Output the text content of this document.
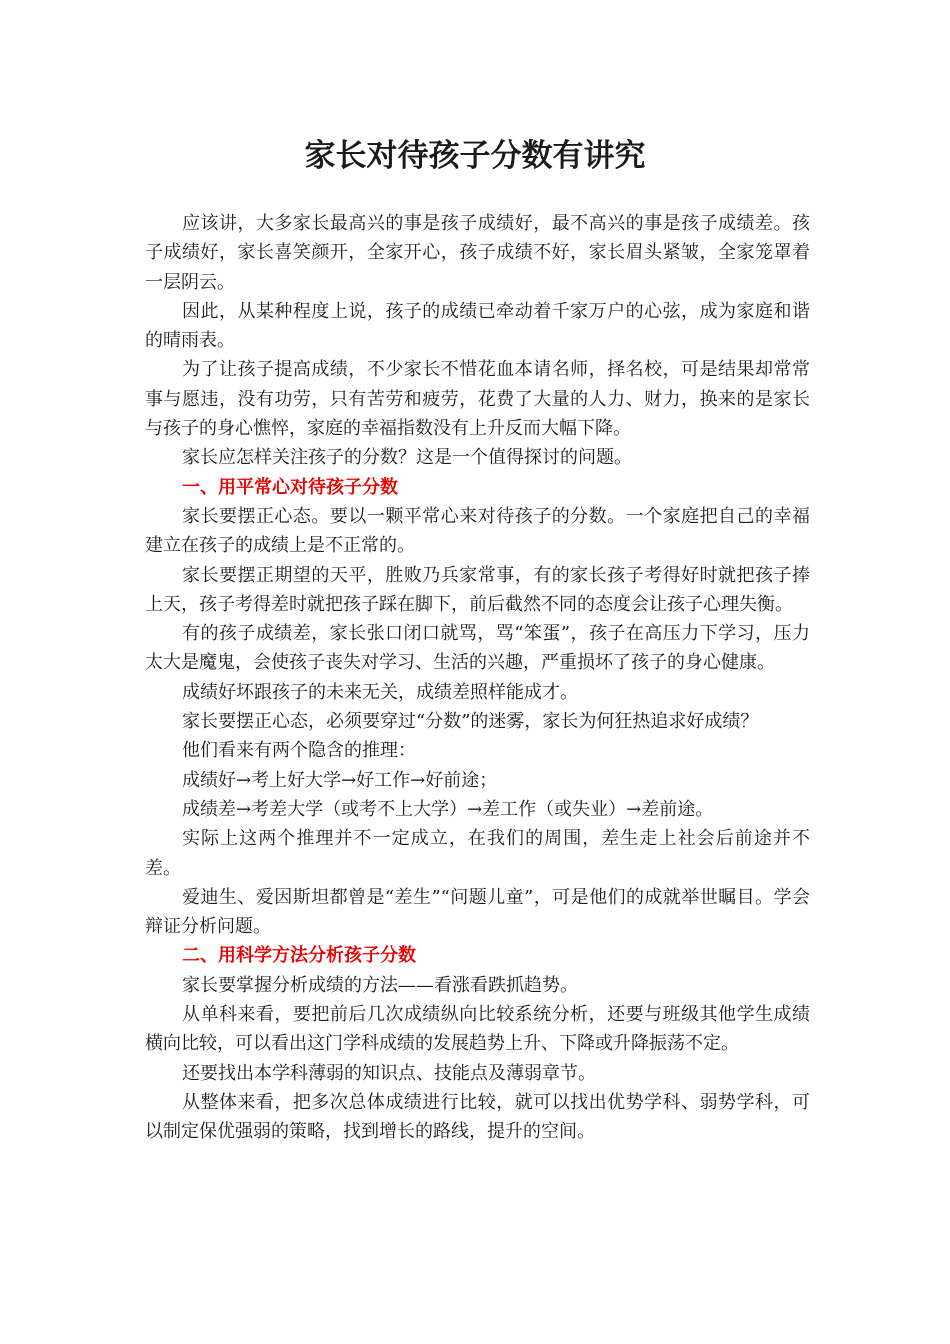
家长对待孩子分数有讲究

应该讲，大多家长最高兴的事是孩子成绩好，最不高兴的事是孩子成绩差。孩子成绩好，家长喜笑颜开，全家开心，孩子成绩不好，家长眉头紧皱，全家笼罩着一层阴云。

因此，从某种程度上说，孩子的成绩已牵动着千家万户的心弦，成为家庭和谐的晴雨表。

为了让孩子提高成绩，不少家长不惜花血本请名师，择名校，可是结果却常常事与愿违，没有功劳，只有苦劳和疲劳，花费了大量的人力、财力，换来的是家长与孩子的身心憔悴，家庭的幸福指数没有上升反而大幅下降。

家长应怎样关注孩子的分数？这是一个值得探讨的问题。

一、用平常心对待孩子分数

家长要摆正心态。要以一颗平常心来对待孩子的分数。一个家庭把自己的幸福建立在孩子的成绩上是不正常的。

家长要摆正期望的天平，胜败乃兵家常事，有的家长孩子考得好时就把孩子捧上天，孩子考得差时就把孩子踩在脚下，前后截然不同的态度会让孩子心理失衡。

有的孩子成绩差，家长张口闭口就骂，骂“笨蛋”，孩子在高压力下学习，压力太大是魔鬼，会使孩子丧失对学习、生活的兴趣，严重损坏了孩子的身心健康。

成绩好坏跟孩子的未来无关，成绩差照样能成才。

家长要摆正心态，必须要穿过“分数”的迷雾，家长为何狂热追求好成绩？

他们看来有两个隐含的推理：

成绩好→考上好大学→好工作→好前途；

成绩差→考差大学（或考不上大学）→差工作（或失业）→差前途。

实际上这两个推理并不一定成立，在我们的周围，差生走上社会后前途并不差。

爱迪生、爱因斯坦都曾是“差生”“问题儿童”，可是他们的成就举世瞩目。学会辩证分析问题。

二、用科学方法分析孩子分数

家长要掌握分析成绩的方法——看涨看跌抓趋势。

从单科来看，要把前后几次成绩纵向比较系统分析，还要与班级其他学生成绩横向比较，可以看出这门学科成绩的发展趋势上升、下降或升降振荡不定。

还要找出本学科薄弱的知识点、技能点及薄弱章节。

从整体来看，把多次总体成绩进行比较，就可以找出优势学科、弱势学科，可以制定保优强弱的策略，找到增长的路线，提升的空间。
